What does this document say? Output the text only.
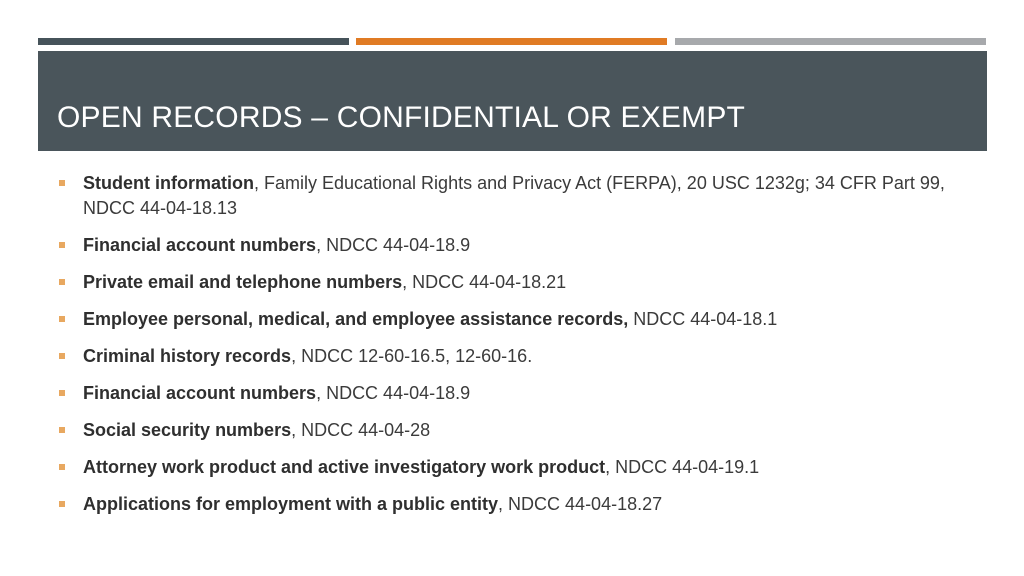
OPEN RECORDS – CONFIDENTIAL OR EXEMPT
Student information, Family Educational Rights and Privacy Act (FERPA), 20 USC 1232g; 34 CFR Part 99, NDCC 44-04-18.13
Financial account numbers, NDCC 44-04-18.9
Private email and telephone numbers, NDCC 44-04-18.21
Employee personal, medical, and employee assistance records, NDCC 44-04-18.1
Criminal history records, NDCC 12-60-16.5, 12-60-16.
Financial account numbers, NDCC 44-04-18.9
Social security numbers, NDCC 44-04-28
Attorney work product and active investigatory work product, NDCC 44-04-19.1
Applications for employment with a public entity, NDCC 44-04-18.27
